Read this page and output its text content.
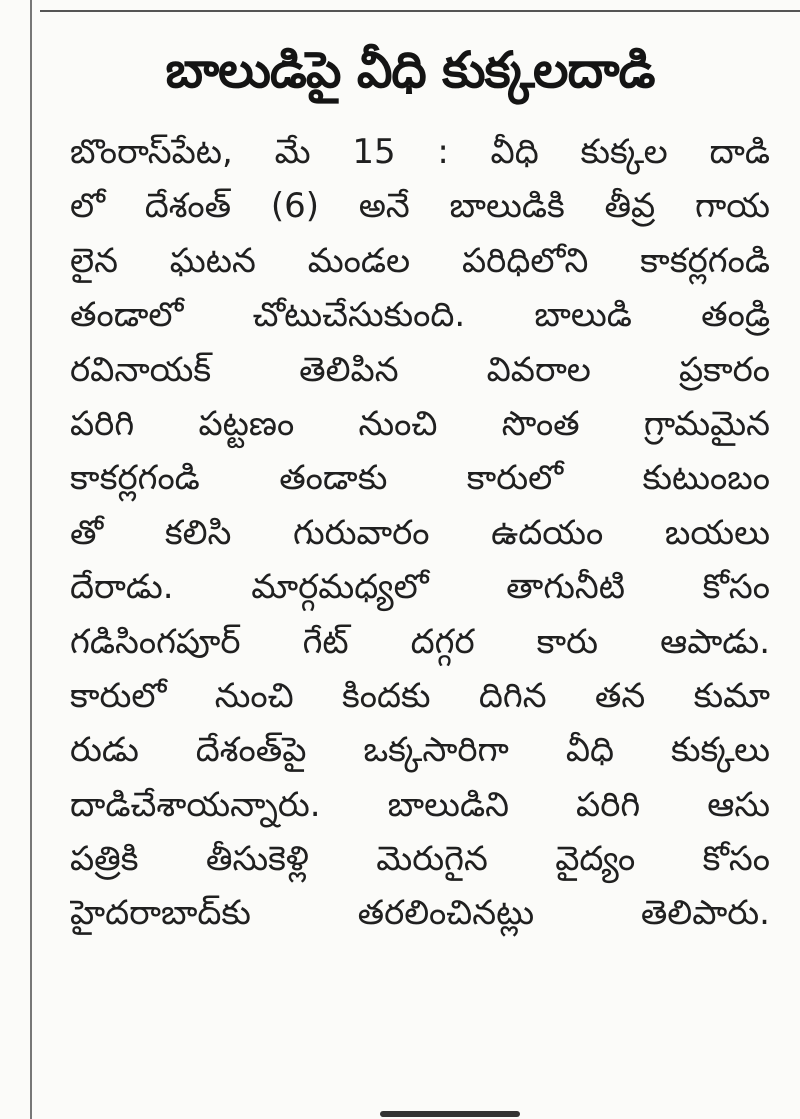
బాలుడిపై వీధి కుక్కలదాడి
బొంరాస్‌పేట, మే 15 : వీధి కుక్కల దాడి
లో దేశంత్ (6) అనే బాలుడికి తీవ్ర గాయ
లైన ఘటన మండల పరిధిలోని కాకర్లగండి
తండాలో చోటుచేసుకుంది. బాలుడి తండ్రి
రవినాయక్ తెలిపిన వివరాల ప్రకారం
పరిగి పట్టణం నుంచి సొంత గ్రామమైన
కాకర్లగండి తండాకు కారులో కుటుంబం
తో కలిసి గురువారం ఉదయం బయలు
దేరాడు. మార్గమధ్యలో తాగునీటి కోసం
గడిసింగపూర్ గేట్ దగ్గర కారు ఆపాడు.
కారులో నుంచి కిందకు దిగిన తన కుమా
రుడు దేశంత్‌పై ఒక్కసారిగా వీధి కుక్కలు
దాడిచేశాయన్నారు. బాలుడిని పరిగి ఆసు
పత్రికి తీసుకెళ్లి మెరుగైన వైద్యం కోసం
హైదరాబాద్‌కు తరలించినట్లు తెలిపారు.
